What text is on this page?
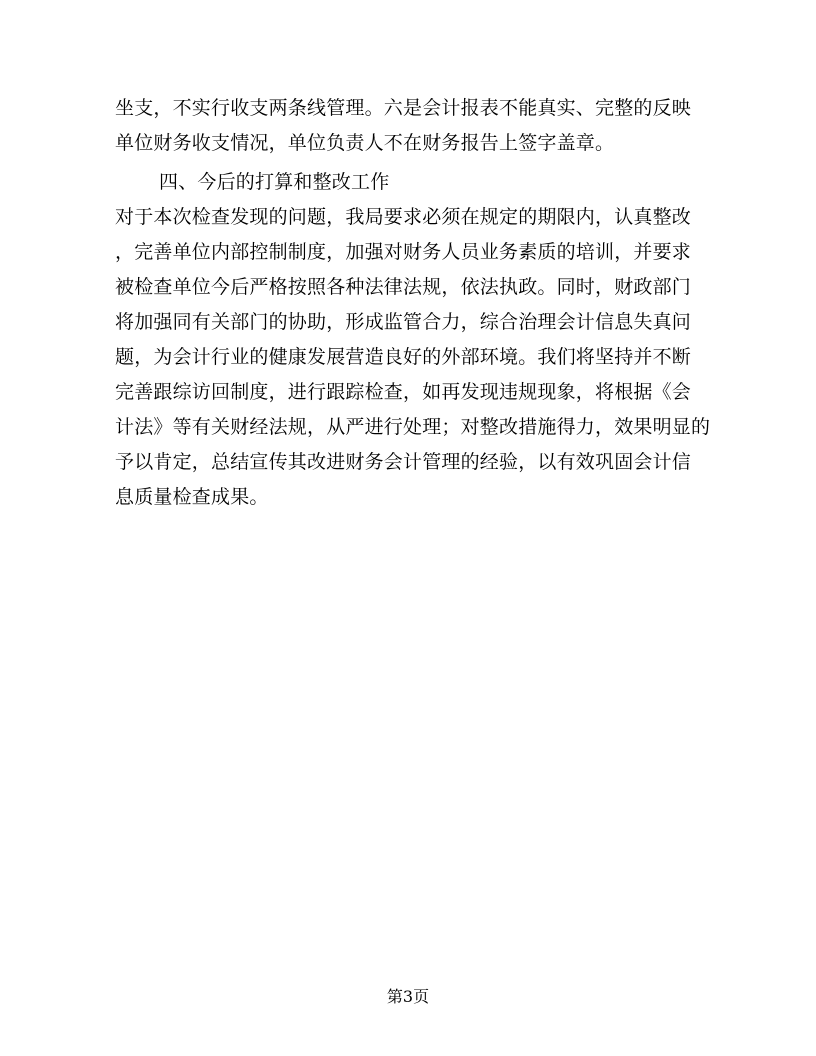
坐支，不实行收支两条线管理。六是会计报表不能真实、完整的反映
单位财务收支情况，单位负责人不在财务报告上签字盖章。
四、今后的打算和整改工作
对于本次检查发现的问题，我局要求必须在规定的期限内，认真整改
，完善单位内部控制制度，加强对财务人员业务素质的培训，并要求
被检查单位今后严格按照各种法律法规，依法执政。同时，财政部门
将加强同有关部门的协助，形成监管合力，综合治理会计信息失真问
题，为会计行业的健康发展营造良好的外部环境。我们将坚持并不断
完善跟综访回制度，进行跟踪检查，如再发现违规现象，将根据《会
计法》等有关财经法规，从严进行处理；对整改措施得力，效果明显的
予以肯定，总结宣传其改进财务会计管理的经验，以有效巩固会计信
息质量检查成果。
第3页
